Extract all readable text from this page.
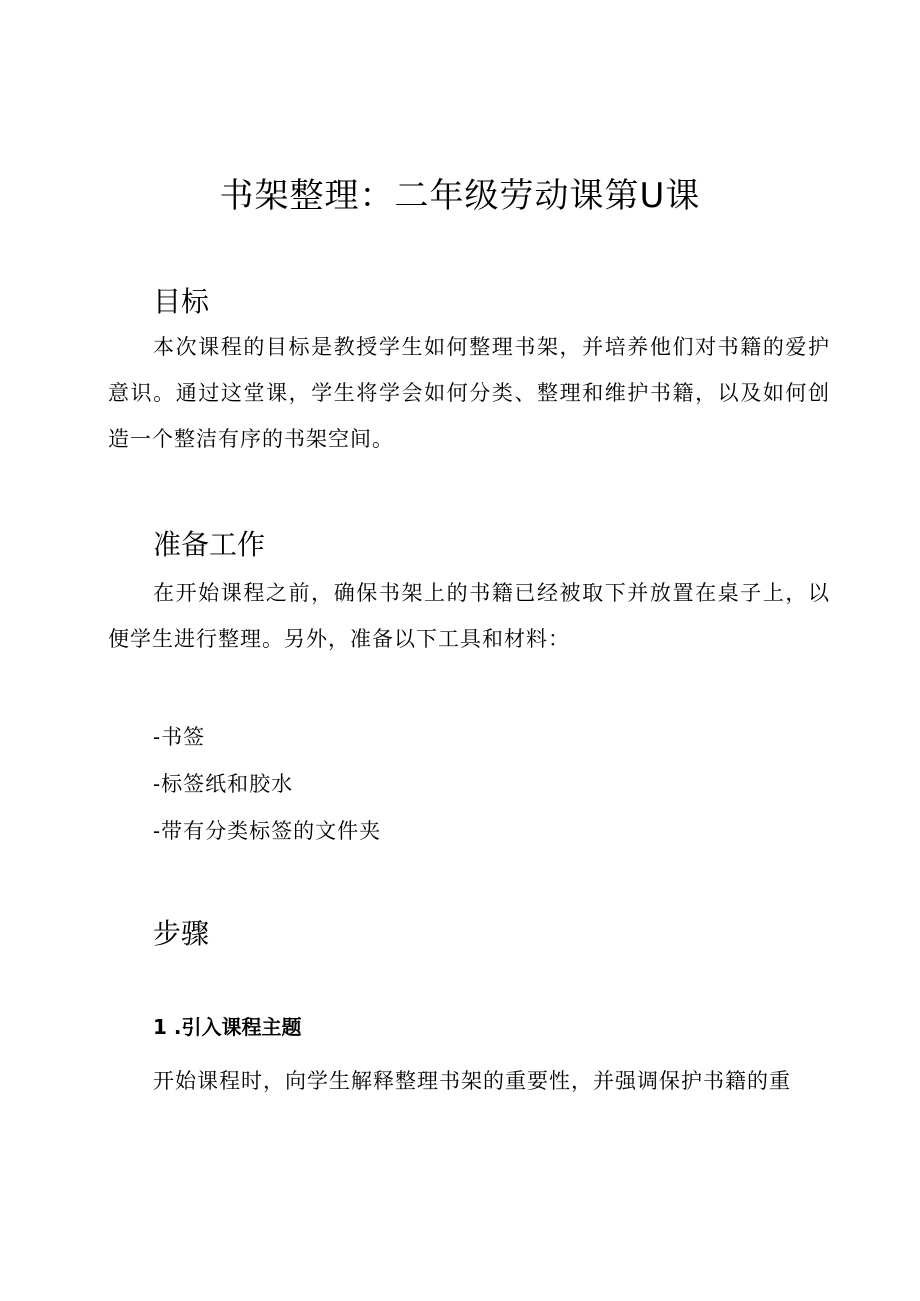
书架整理：二年级劳动课第U课
目标

本次课程的目标是教授学生如何整理书架，并培养他们对书籍的爱护意识。通过这堂课，学生将学会如何分类、整理和维护书籍，以及如何创造一个整洁有序的书架空间。

准备工作

在开始课程之前，确保书架上的书籍已经被取下并放置在桌子上，以便学生进行整理。另外，准备以下工具和材料：

-书签

-标签纸和胶水

-带有分类标签的文件夹

步骤
1 .引入课程主题

开始课程时，向学生解释整理书架的重要性，并强调保护书籍的重
